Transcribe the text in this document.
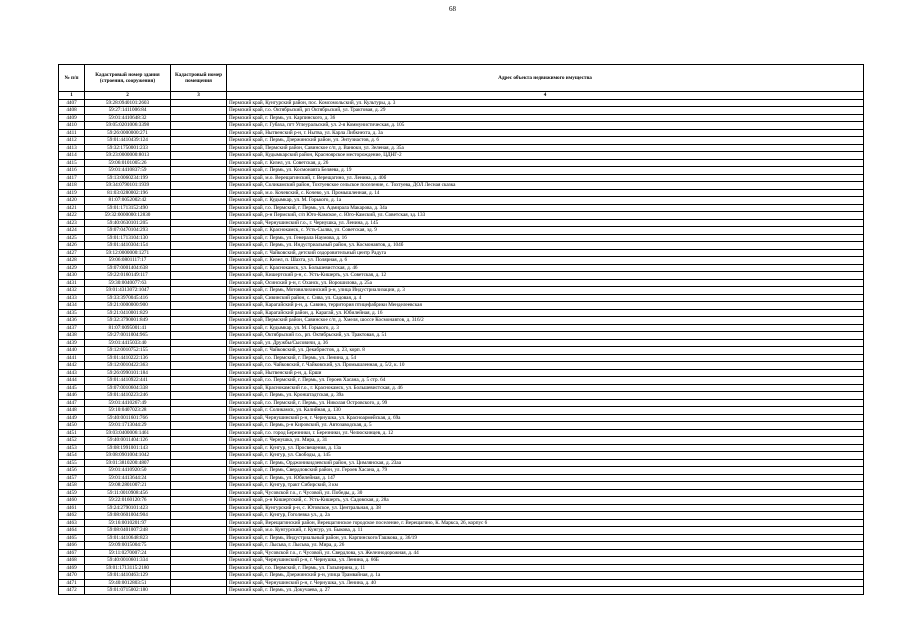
68
№ п/п	Кадастровый номер здания (строения, сооружения)	Кадастровый номер помещения	Адрес объекта недвижимого имущества
1	2	3	4
4407	59:28:0940101:2603		Пермский край, Кунгурский район, пос. Комсомольский, ул. Культуры, д. 3
4408	59:27:1411006:84		Пермский край, г.о. Октябрьский, рп Октябрьский, ул. Трактовая, д. 29
4409	59:01:4410648:32		Пермский край, г. Пермь, ул. Карпинского, д. 36
4410	59:05:0201006:3398		Пермский край, г. Губаха, пгт Углеуральский, ул. 2-я Коммунистическая, д. 105
4411	59:26:0000000:271		Пермский край, Нытвенский р-н, г. Нытва, ул. Карла Либкнехта, д. 3а
4412	59:01:4410439:124		Пермский край, г. Пермь, Дзержинский район, ул. Энтузиастов, д. 6
4413	59:32:1750001:233		Пермский край, Пермский район, Савинское с/п, д. Ванюки, ул. Зеленая, д. 35а
4414	59:23:0000000:8013		Пермский край, Кудымкарский район, Красноярское месторождение, ЦДНГ-2
4415	59:06:0101005:26		Пермский край, г. Кизел, ул. Советская, д. 26
4416	59:01:4410837:59		Пермский край, г. Пермь, ул. Космонавта Беляева, д. 19
4417	59:13:0060234:199		Пермский край, м.о. Верещагинский, г. Верещагино, ул. Ленина, д. 40б
4418	59:34:0790101:1939		Пермский край, Соликамский район, Тохтуевское сельское поселение, с. Тохтуева, ДОЛ Лесная сказка
4419	81:03:0280002:196		Пермский край, м.о. Кочевский, с. Кочево, ул. Промышленная, д. 14
4420	81:07:0052002:42		Пермский край, г. Кудымкар, ул. М. Горького, д. 1а
4421	59:01:1713152:490		Пермский край, г.о. Пермский, г. Пермь, ул. Адмирала Макарова, д. 34а
4422	59:32:0000000:12830		Пермский край, р-н Пермский, с/п Юго-Камское, с. Юго-Камский, ул. Советская, зд. 133
4423	59:40:0630101:205		Пермский край, Чернушинский г.о., г. Чернушка, ул. Ленина, д. 145
4424	59:07:0470104:293		Пермский край, г. Краснокамск, с. Усть-Сылва, ул. Советская, зд. 9
4425	59:01:1713104:130		Пермский край, г. Пермь, ул. Генерала Наумова, д. 16
4426	59:01:4410304:154		Пермский край, г. Пермь, ул. Индустриальный район, ул. Космонавтов, д. 104б
4427	59:12:0000000:1271		Пермский край, г. Чайковский, детский оздоровительный центр Радуга
4428	59:06:0801117:17		Пермский край, г. Кизел, п. Шахта, ул. Полярная, д. 6
4429	59:07:0001404:638		Пермский край, г. Краснокамск, ул. Большевистская, д. 46
4430	59:22:0160149:117		Пермский край, Кишертский р-н, с. Усть-Кишерть, ул. Советская, д. 12
4431	59:30:0040077:63		Пермский край, Осинский р-н, г. Оханск, ул. Ворошилова, д. 25а
4432	59:01:4313072:1047		Пермский край, г. Пермь, Мотовилихинский р-н, улица Индустриализации, д. 3
4433	59:33:3970045:416		Пермский край, Сивинский район, с. Сива, ул. Садовая, д. 4
4434	59:21:0000000:900		Пермский край, Карагайский р-н, д. Савино, территория птицефабрики Менделеевская
4435	59:21:0410001:829		Пермский край, Карагайский район, д. Карагай, ул. Юбилейная, д. 16
4436	59:32:3790001:849		Пермский край, Пермский район, Савинское с/п, д. Хмеля, шоссе Космонавтов, д. 316/2
4437	81:07:0095001:41		Пермский край, г. Кудымкар, ул. М. Горького, д. 3
4438	59:27:0011004:965		Пермский край, Октябрьский г.о., рп. Октябрьский, ул. Трактовая, д. 51
4439	59:01:4415033:40		Пермский край, ул. Дружбы/Сысовичи, д. 36
4440	59:12:0010752:155		Пермский край, г. Чайковский, ул. Декабристов, д. 23, корп. 8
4441	59:01:4410222:136		Пермский край, г.о. Пермский, г. Пермь, ул. Ленина, д. 54
4442	59:12:0010422:363		Пермский край, г.о. Чайковский, г. Чайковский, ул. Промышленная, д. 5/2, к. 10
4443	59:26:0990101:184		Пермский край, Нытвенский р-н, д. Ерши
4444	59:01:4410922:441		Пермский край, г.о. Пермский, г. Пермь, ул. Героев Хасана, д. 5 стр. 64
4445	59:07:0010604:338		Пермский край, Краснокамский г.о., г. Краснокамск, ул. Большевистская, д. 46
4446	59:01:4410223:246		Пермский край, г. Пермь, ул. Кронштадтская, д. 39а
4447	59:01:4410267:49		Пермский край, г.о. Пермский, г. Пермь, ул. Николая Островского, д. 99
4448	59:10:0407023:28		Пермский край, г. Соликамск, ул. Калийная, д. 130
4449	59:40:0011601:766		Пермский край, Чернушинский р-н, г. Чернушка, ул. Красноармейская, д. 69а
4450	59:01:1713044:29		Пермский край, г. Пермь, р-н Кировский, ул. Автозаводская, д. 5
4451	59:03:0400006:1461		Пермский край, г.о. город Березники, г. Березники, ул. Челюскинцев, д. 12
4452	59:40:0011404:126		Пермский край, г. Чернушка, ул. Мира, д. 31
4453	59:08:1991001:143		Пермский край, г. Кунгур, ул. Просвещения, д. 13а
4454	59:08:0901004:1042		Пермский край, г. Кунгур, ул. Свободы, д. 145
4455	59:01:3810200:4807		Пермский край, г. Пермь, Орджоникидзевский район, ул. Цимлянская, д. 23аа
4456	59:01:4410920:50		Пермский край, г. Пермь, Свердловский район, ул. Героев Хасана, д. 79
4457	59:01:4413644:24		Пермский край, г. Пермь, ул. Юбилейная, д. 147
4458	59:08:2801007:21		Пермский край, г. Кунгур, тракт Сибирский, 3 км
4459	59:11:0010908:456		Пермский край, Чусовской г.о., г. Чусовой, ул. Победы, д. 30
4460	59:22:0160120:76		Пермский край, р-н Кишертский, с. Усть-Кишерть, ул. Садовская, д. 28а
4461	59:24:2790101:423		Пермский край, Кунгурский р-н, с. Юговское, ул. Центральная, д. 38
4462	59:08:0601004:904		Пермский край, г. Кунгур, Гоголевка ул., д. 2а
4463	59:16:0010201:97		Пермский край, Верещагинский район, Верещагинское городское поселение, г. Верещагино, К. Маркса, 26, корпус 6
4464	59:08:0401007:248		Пермский край, м.о. Кунгурский, г. Кунгур, ул. Быкова, д. 11
4465	59:01:4410648:823		Пермский край, г. Пермь, Индустриальный район, ул. Карпинского/Гашкова, д. 36/19
4466	59:09:0015004:75		Пермский край, г. Лысьва, г. Лысьва, ул. Мира, д. 26
4467	59:11:0270007:24		Пермский край, Чусовской г.о., г. Чусовой, ул. Свердлова, ул. Железнодорожная, д. 44
4468	59:40:0010601:334		Пермский край, Чернушинский р-н, г. Чернушка, ул. Ленина, д. 66Б
4469	59:01:1713115:2180		Пермский край, г.о. Пермский, г. Пермь, ул. Гальперина, д. 11
4470	59:01:4410463:129		Пермский край, г. Пермь, Дзержинский р-н, улица Трамвайная, д. 1а
4471	59:40:0012803:51		Пермский край, Чернушинский р-н, г. Чернушка, ул. Ленина, д. 40
4472	59:01:0715002:180		Пермский край, г. Пермь, ул. Докучаева, д. 27
